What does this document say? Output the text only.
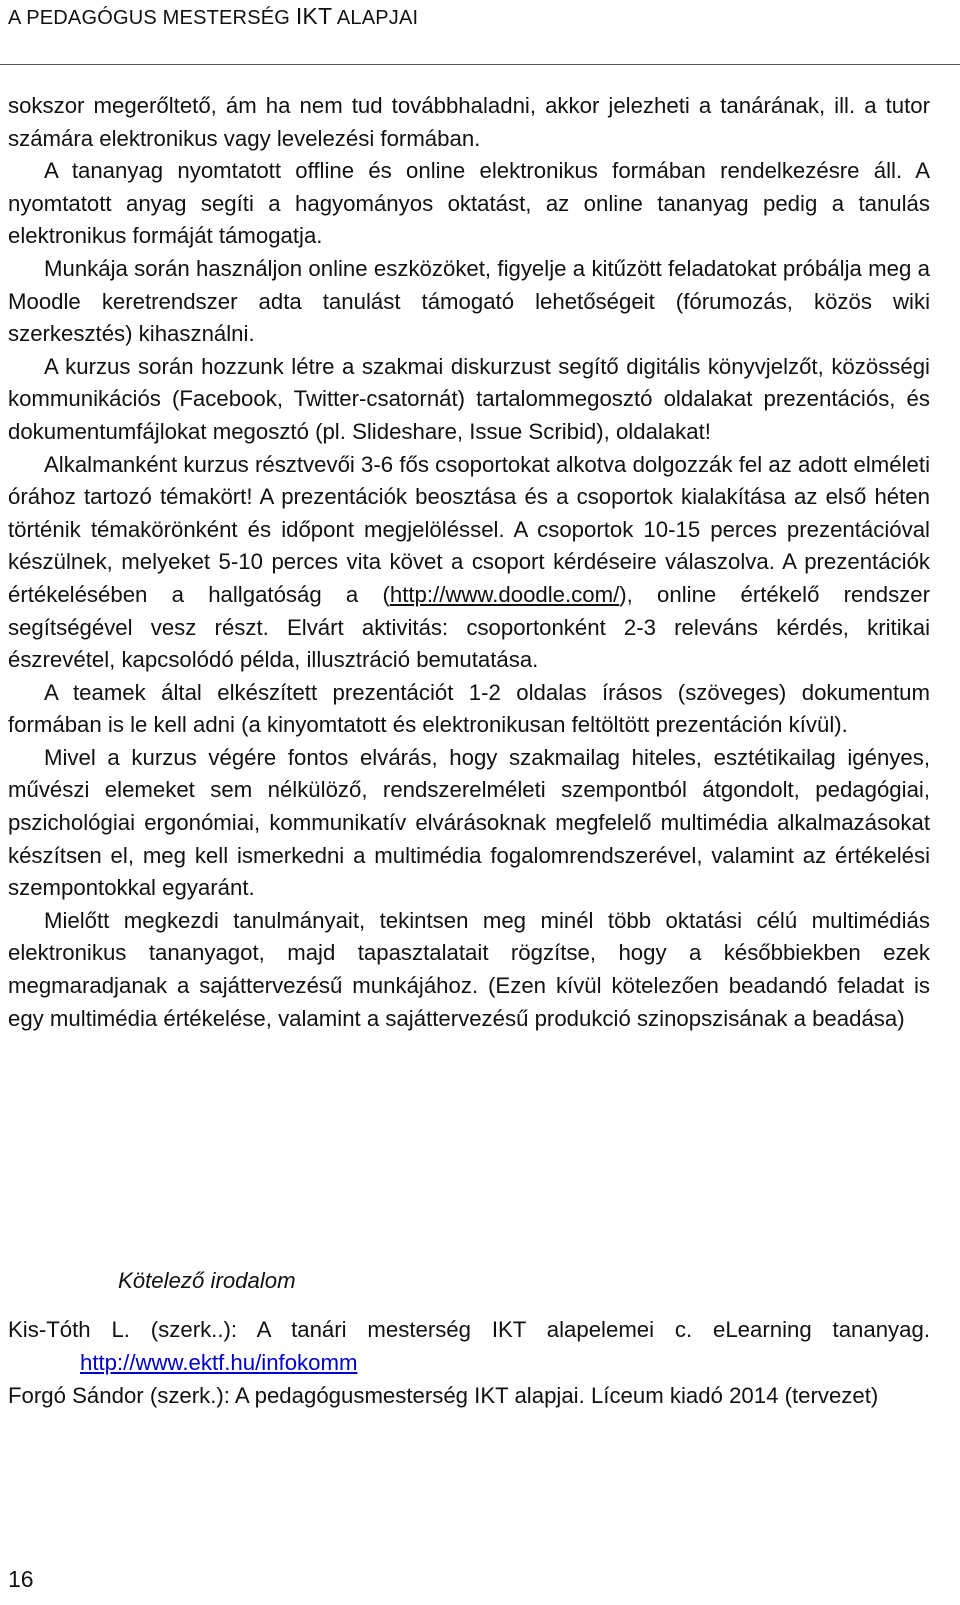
A PEDAGÓGUS MESTERSÉG IKT ALAPJAI

sokszor megerőltető, ám ha nem tud továbbhaladni, akkor jelezheti a tanárának, ill. a tutor számára elektronikus vagy levelezési formában.

A tananyag nyomtatott offline és online elektronikus formában rendelkezésre áll. A nyomtatott anyag segíti a hagyományos oktatást, az online tananyag pedig a tanulás elektronikus formáját támogatja.

Munkája során használjon online eszközöket, figyelje a kitűzött feladatokat próbálja meg a Moodle keretrendszer adta tanulást támogató lehetőségeit (fórumozás, közös wiki szerkesztés) kihasználni.

A kurzus során hozzunk létre a szakmai diskurzust segítő digitális könyvjelzőt, közösségi kommunikációs (Facebook, Twitter-csatornát) tartalommegosztó oldalakat prezentációs, és dokumentumfájlokat megosztó (pl. Slideshare, Issue Scribid), oldalakat!

Alkalmanként kurzus résztvevői 3-6 fős csoportokat alkotva dolgozzák fel az adott elméleti órához tartozó témakört! A prezentációk beosztása és a csoportok kialakítása az első héten történik témakörönként és időpont megjelöléssel. A csoportok 10-15 perces prezentációval készülnek, melyeket 5-10 perces vita követ a csoport kérdéseire válaszolva. A prezentációk értékelésében a hallgatóság a (http://www.doodle.com/), online értékelő rendszer segítségével vesz részt. Elvárt aktivitás: csoportonként 2-3 releváns kérdés, kritikai észrevétel, kapcsolódó példa, illusztráció bemutatása.

A teamek által elkészített prezentációt 1-2 oldalas írásos (szöveges) dokumentum formában is le kell adni (a kinyomtatott és elektronikusan feltöltött prezentáción kívül).

Mivel a kurzus végére fontos elvárás, hogy szakmailag hiteles, esztétikailag igényes, művészi elemeket sem nélkülöző, rendszerelméleti szempontból átgondolt, pedagógiai, pszichológiai ergonómiai, kommunikatív elvárásoknak megfelelő multimédia alkalmazásokat készítsen el, meg kell ismerkedni a multimédia fogalomrendszerével, valamint az értékelési szempontokkal egyaránt.

Mielőtt megkezdi tanulmányait, tekintsen meg minél több oktatási célú multimédiás elektronikus tananyagot, majd tapasztalatait rögzítse, hogy a későbbiekben ezek megmaradjanak a sajáttervezésű munkájához. (Ezen kívül kötelezően beadandó feladat is egy multimédia értékelése, valamint a sajáttervezésű produkció szinopszisának a beadása)

Kötelező irodalom

Kis-Tóth L. (szerk..): A tanári mesterség IKT alapelemei c. eLearning tananyag. http://www.ektf.hu/infokomm

Forgó Sándor (szerk.): A pedagógusmesterség IKT alapjai. Líceum kiadó 2014 (tervezet)

16
